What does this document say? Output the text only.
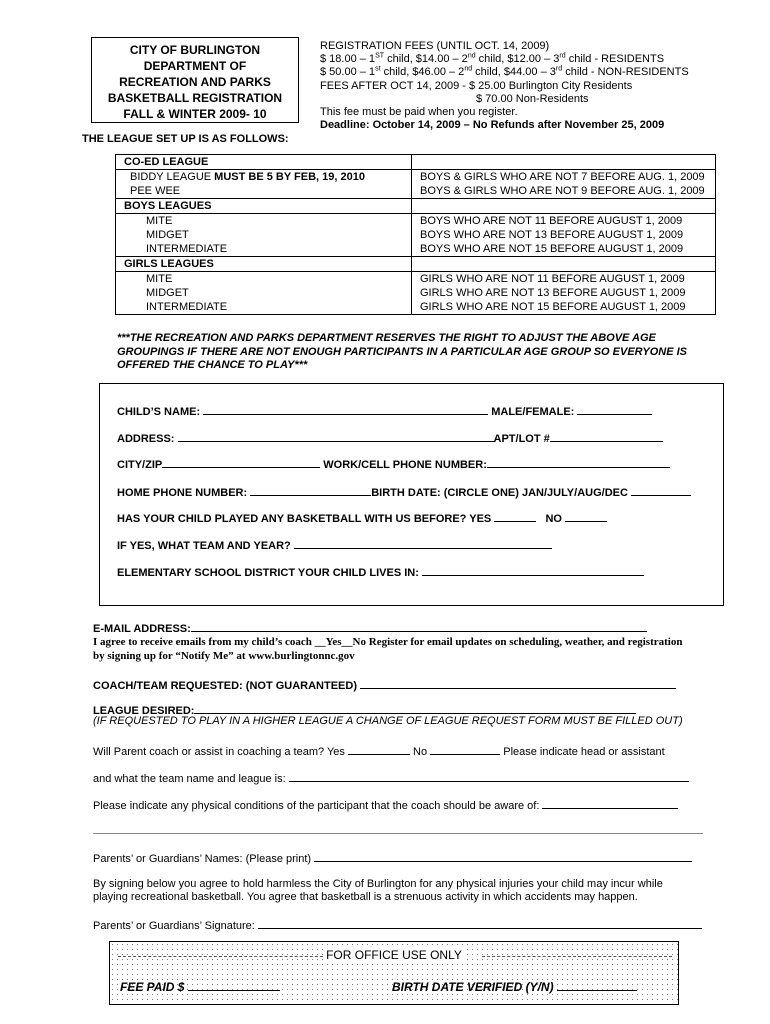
CITY OF BURLINGTON
DEPARTMENT OF
RECREATION AND PARKS
BASKETBALL REGISTRATION
FALL & WINTER 2009- 10
REGISTRATION FEES (UNTIL OCT. 14, 2009)
$ 18.00 – 1ST child, $14.00 – 2nd child, $12.00 – 3rd child - RESIDENTS
$ 50.00 – 1st child, $46.00 – 2nd child, $44.00 – 3rd child - NON-RESIDENTS
FEES AFTER OCT 14, 2009 - $ 25.00 Burlington City Residents
$ 70.00 Non-Residents
This fee must be paid when you register.
Deadline: October 14, 2009 – No Refunds after November 25, 2009
THE LEAGUE SET UP IS AS FOLLOWS:
CO-ED LEAGUE	
BIDDY LEAGUE MUST BE 5 BY FEB, 19, 2010	BOYS & GIRLS WHO ARE NOT 7 BEFORE AUG. 1, 2009
PEE WEE	BOYS & GIRLS WHO ARE NOT 9 BEFORE AUG. 1, 2009
BOYS LEAGUES	
MITE	BOYS WHO ARE NOT 11 BEFORE AUGUST 1, 2009
MIDGET	BOYS WHO ARE NOT 13 BEFORE AUGUST 1, 2009
INTERMEDIATE	BOYS WHO ARE NOT 15 BEFORE AUGUST 1, 2009
GIRLS LEAGUES	
MITE	GIRLS WHO ARE NOT 11 BEFORE AUGUST 1, 2009
MIDGET	GIRLS WHO ARE NOT 13 BEFORE AUGUST 1, 2009
INTERMEDIATE	GIRLS WHO ARE NOT 15 BEFORE AUGUST 1, 2009
***THE RECREATION AND PARKS DEPARTMENT RESERVES THE RIGHT TO ADJUST THE ABOVE AGE GROUPINGS IF THERE ARE NOT ENOUGH PARTICIPANTS IN A PARTICULAR AGE GROUP SO EVERYONE IS OFFERED THE CHANCE TO PLAY***
CHILD’S NAME:	MALE/FEMALE:
ADDRESS:	APT/LOT #
CITY/ZIP	WORK/CELL PHONE NUMBER:
HOME PHONE NUMBER:	BIRTH DATE: (CIRCLE ONE) JAN/JULY/AUG/DEC
HAS YOUR CHILD PLAYED ANY BASKETBALL WITH US BEFORE? YES	NO
IF YES, WHAT TEAM AND YEAR?
ELEMENTARY SCHOOL DISTRICT YOUR CHILD LIVES IN:
E-MAIL ADDRESS:
I agree to receive emails from my child’s coach __Yes__No Register for email updates on scheduling, weather, and registration
by signing up for “Notify Me” at www.burlingtonnc.gov
COACH/TEAM REQUESTED: (NOT GUARANTEED)
LEAGUE DESIRED:
(IF REQUESTED TO PLAY IN A HIGHER LEAGUE A CHANGE OF LEAGUE REQUEST FORM MUST BE FILLED OUT)
Will Parent coach or assist in coaching a team? Yes	No	Please indicate head or assistant
and what the team name and league is:
Please indicate any physical conditions of the participant that the coach should be aware of:
Parents’ or Guardians’ Names: (Please print)
By signing below you agree to hold harmless the City of Burlington for any physical injuries your child may incur while
playing recreational basketball. You agree that basketball is a strenuous activity in which accidents may happen.
Parents’ or Guardians’ Signature:
FOR OFFICE USE ONLY
FEE PAID $	BIRTH DATE VERIFIED (Y/N)
